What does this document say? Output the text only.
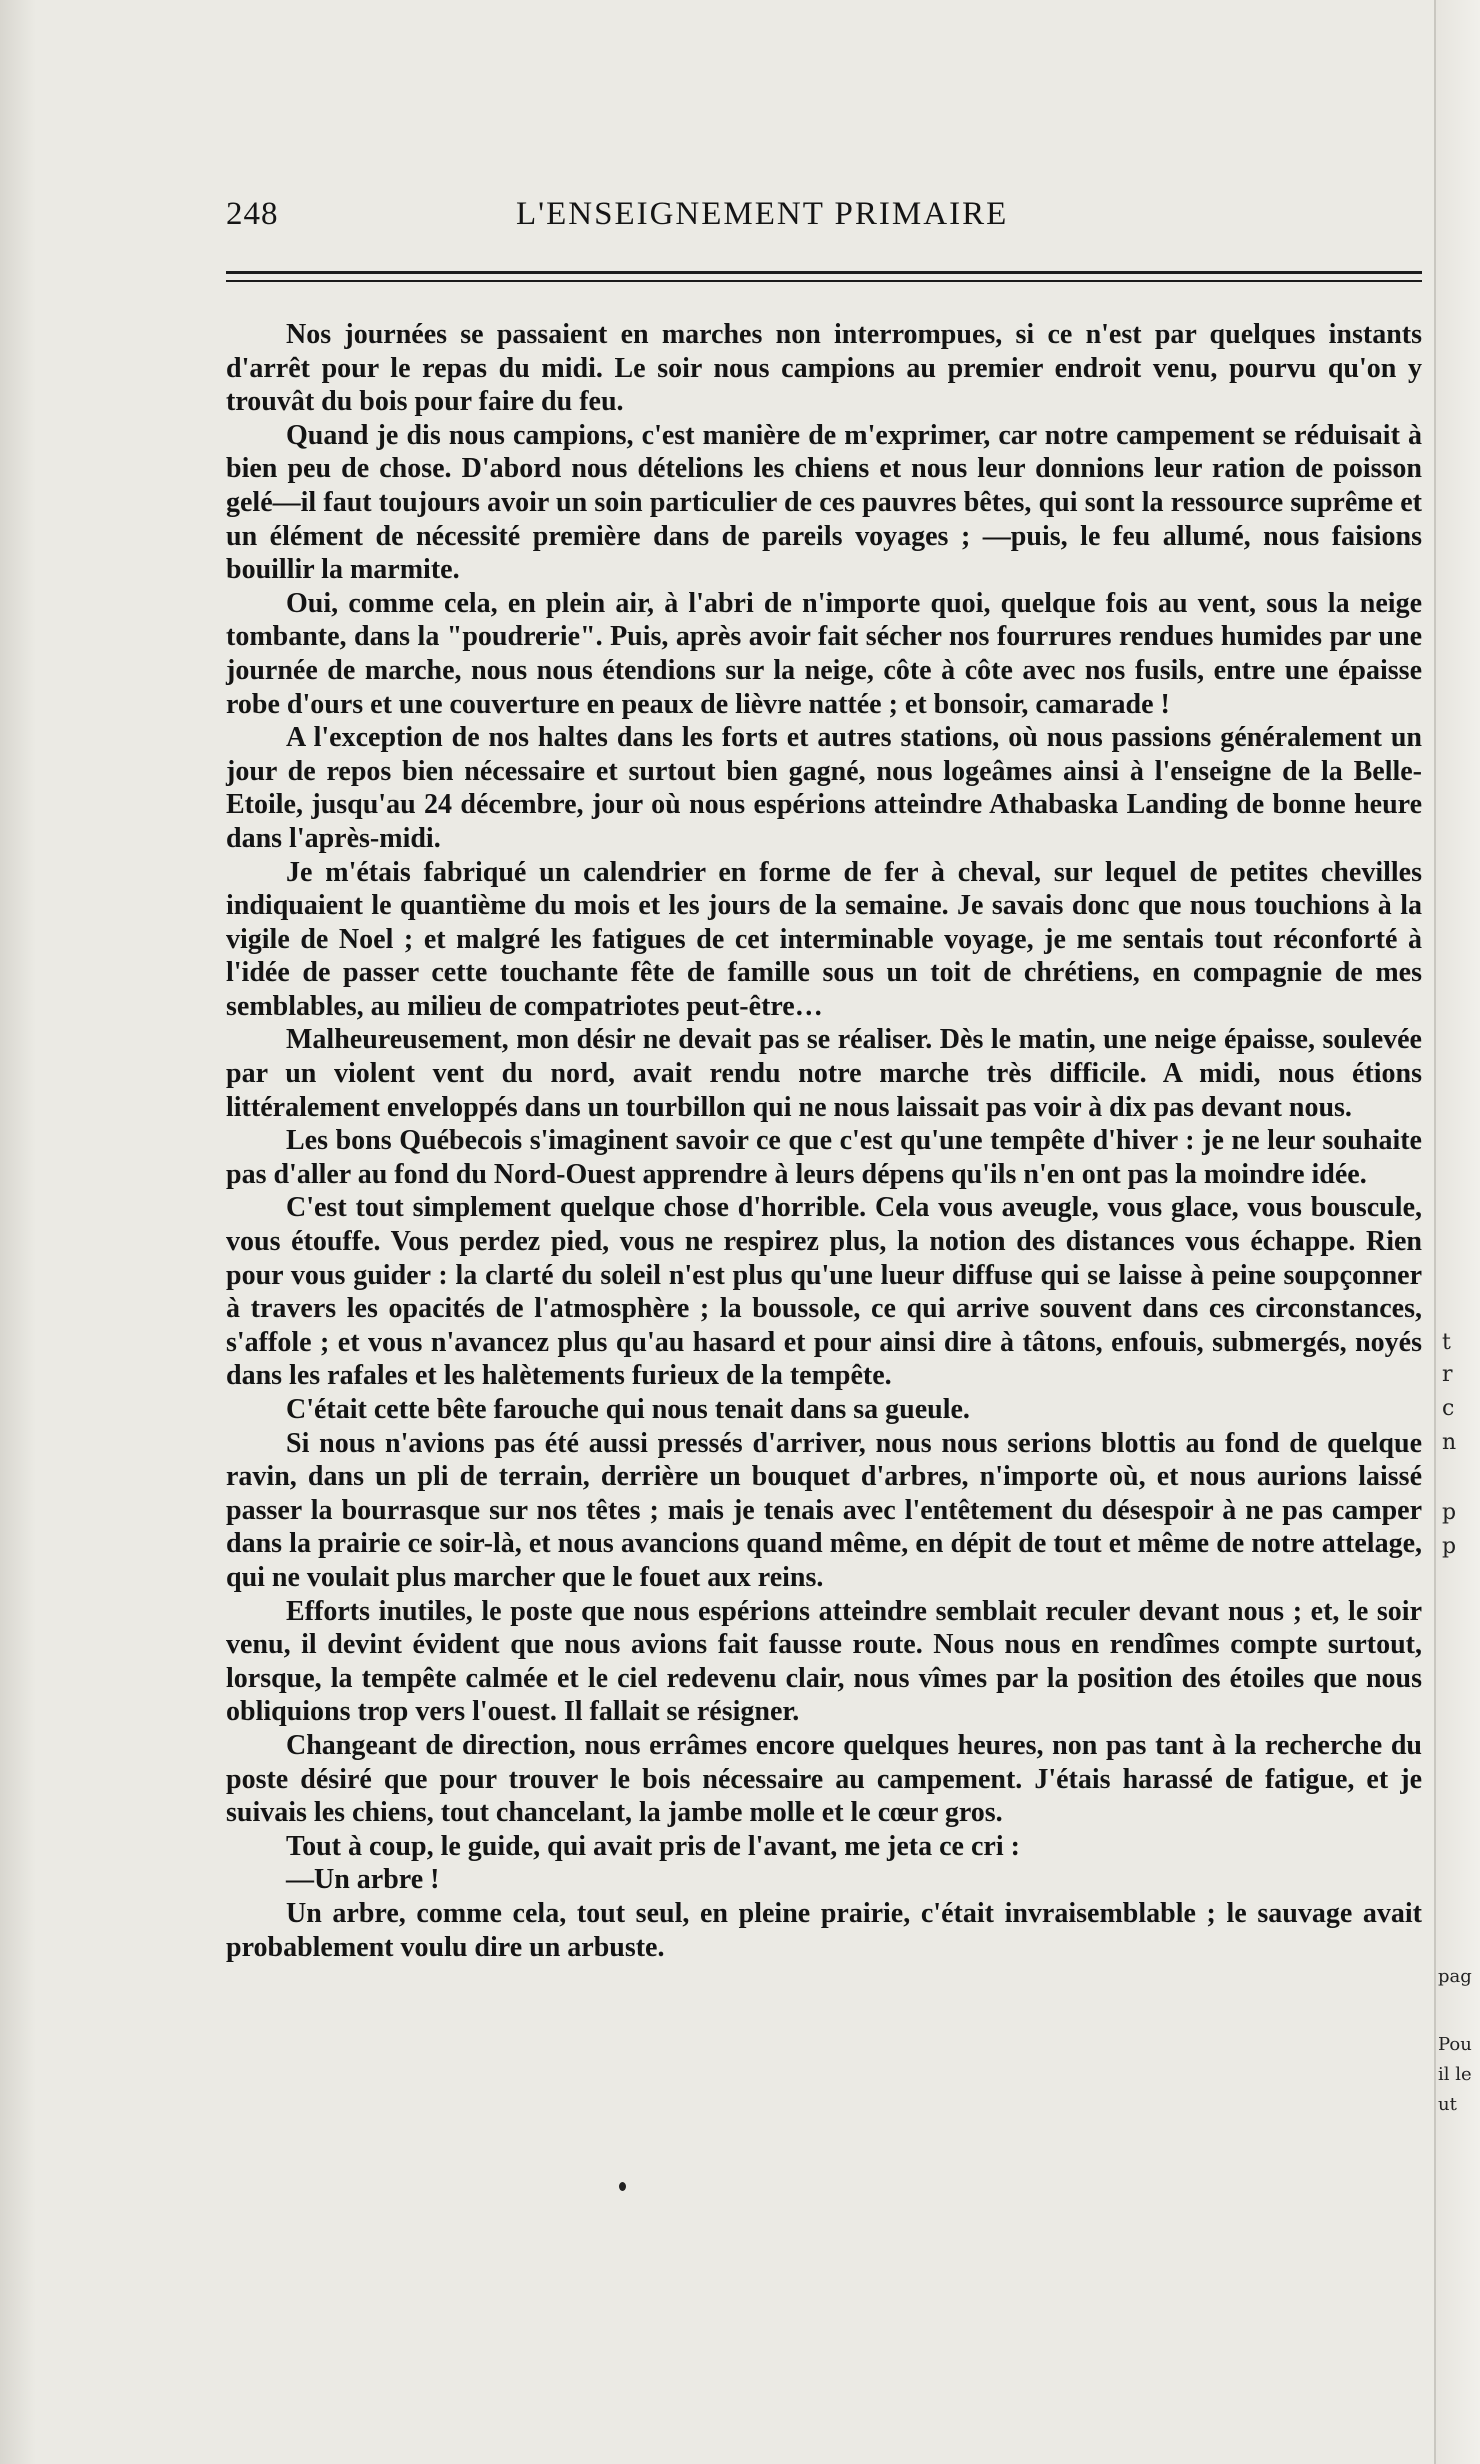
248	L'ENSEIGNEMENT PRIMAIRE

Nos journées se passaient en marches non interrompues, si ce n'est par quelques instants d'arrêt pour le repas du midi. Le soir nous campions au premier endroit venu, pourvu qu'on y trouvât du bois pour faire du feu.

Quand je dis nous campions, c'est manière de m'exprimer, car notre campement se réduisait à bien peu de chose. D'abord nous dételions les chiens et nous leur donnions leur ration de poisson gelé—il faut toujours avoir un soin particulier de ces pauvres bêtes, qui sont la ressource suprême et un élément de nécessité première dans de pareils voyages ; —puis, le feu allumé, nous faisions bouillir la marmite.

Oui, comme cela, en plein air, à l'abri de n'importe quoi, quelque fois au vent, sous la neige tombante, dans la "poudrerie". Puis, après avoir fait sécher nos fourrures rendues humides par une journée de marche, nous nous étendions sur la neige, côte à côte avec nos fusils, entre une épaisse robe d'ours et une couverture en peaux de lièvre nattée ; et bonsoir, camarade !

A l'exception de nos haltes dans les forts et autres stations, où nous passions généralement un jour de repos bien nécessaire et surtout bien gagné, nous logeâmes ainsi à l'enseigne de la Belle-Etoile, jusqu'au 24 décembre, jour où nous espérions atteindre Athabaska Landing de bonne heure dans l'après-midi.

Je m'étais fabriqué un calendrier en forme de fer à cheval, sur lequel de petites chevilles indiquaient le quantième du mois et les jours de la semaine. Je savais donc que nous touchions à la vigile de Noel ; et malgré les fatigues de cet interminable voyage, je me sentais tout réconforté à l'idée de passer cette touchante fête de famille sous un toit de chrétiens, en compagnie de mes semblables, au milieu de compatriotes peut-être…

Malheureusement, mon désir ne devait pas se réaliser. Dès le matin, une neige épaisse, soulevée par un violent vent du nord, avait rendu notre marche très difficile. A midi, nous étions littéralement enveloppés dans un tourbillon qui ne nous laissait pas voir à dix pas devant nous.

Les bons Québecois s'imaginent savoir ce que c'est qu'une tempête d'hiver : je ne leur souhaite pas d'aller au fond du Nord-Ouest apprendre à leurs dépens qu'ils n'en ont pas la moindre idée.

C'est tout simplement quelque chose d'horrible. Cela vous aveugle, vous glace, vous bouscule, vous étouffe. Vous perdez pied, vous ne respirez plus, la notion des distances vous échappe. Rien pour vous guider : la clarté du soleil n'est plus qu'une lueur diffuse qui se laisse à peine soupçonner à travers les opacités de l'atmosphère ; la boussole, ce qui arrive souvent dans ces circonstances, s'affole ; et vous n'avancez plus qu'au hasard et pour ainsi dire à tâtons, enfouis, submergés, noyés dans les rafales et les halètements furieux de la tempête.

C'était cette bête farouche qui nous tenait dans sa gueule.

Si nous n'avions pas été aussi pressés d'arriver, nous nous serions blottis au fond de quelque ravin, dans un pli de terrain, derrière un bouquet d'arbres, n'importe où, et nous aurions laissé passer la bourrasque sur nos têtes ; mais je tenais avec l'entêtement du désespoir à ne pas camper dans la prairie ce soir-là, et nous avancions quand même, en dépit de tout et même de notre attelage, qui ne voulait plus marcher que le fouet aux reins.

Efforts inutiles, le poste que nous espérions atteindre semblait reculer devant nous ; et, le soir venu, il devint évident que nous avions fait fausse route. Nous nous en rendîmes compte surtout, lorsque, la tempête calmée et le ciel redevenu clair, nous vîmes par la position des étoiles que nous obliquions trop vers l'ouest. Il fallait se résigner.

Changeant de direction, nous errâmes encore quelques heures, non pas tant à la recherche du poste désiré que pour trouver le bois nécessaire au campement. J'étais harassé de fatigue, et je suivais les chiens, tout chancelant, la jambe molle et le cœur gros.

Tout à coup, le guide, qui avait pris de l'avant, me jeta ce cri :

—Un arbre !

Un arbre, comme cela, tout seul, en pleine prairie, c'était invraisemblable ; le sauvage avait probablement voulu dire un arbuste.

t
r
c
n
p
p
pag
Pou
il le
ut
